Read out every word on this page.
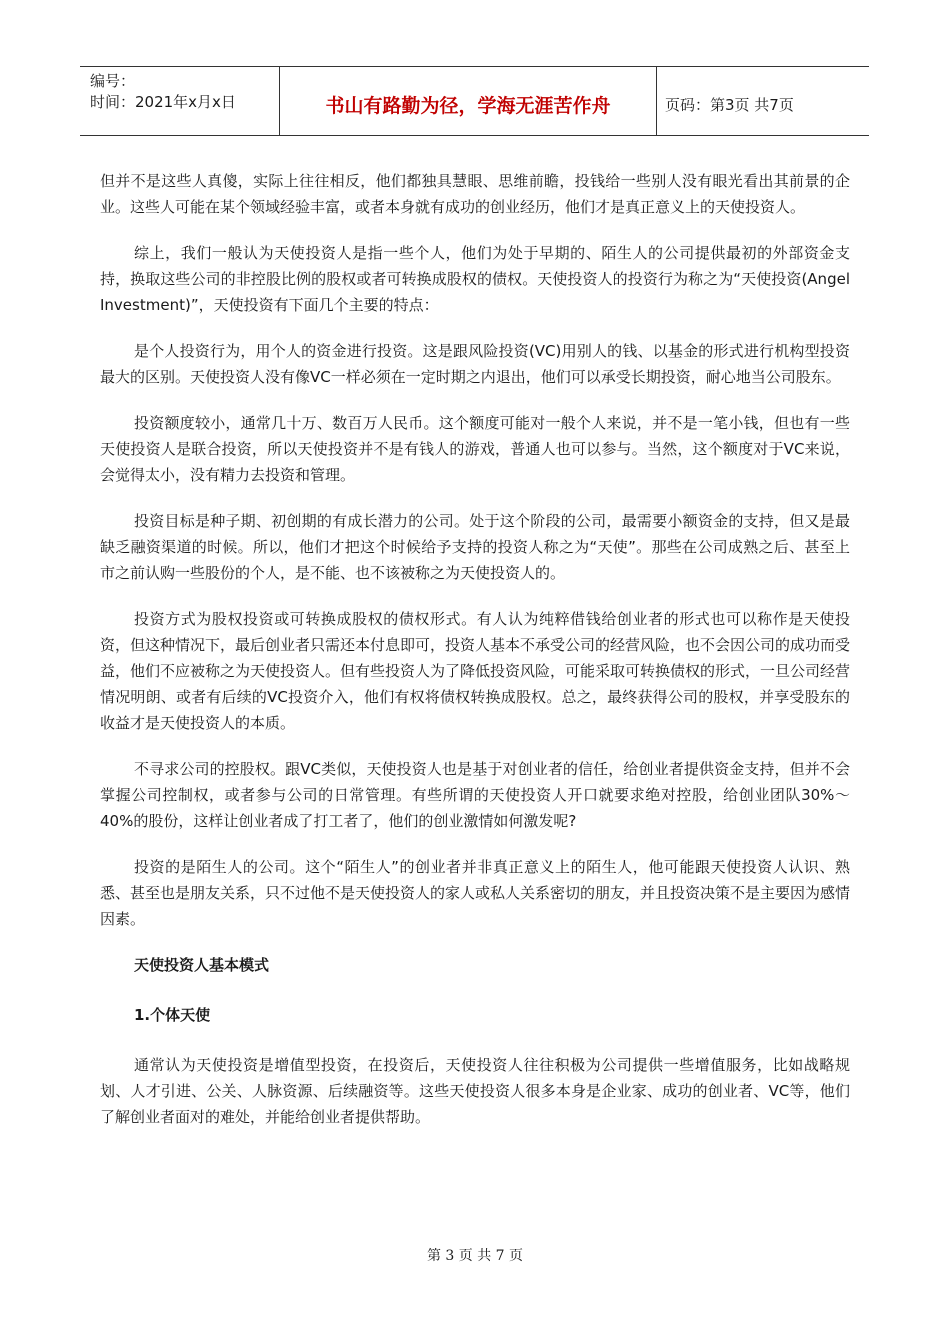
编号：
时间：2021年x月x日	书山有路勤为径，学海无涯苦作舟	页码：第3页 共7页

但并不是这些人真傻，实际上往往相反，他们都独具慧眼、思维前瞻，投钱给一些别人没有眼光看出其前景的企业。这些人可能在某个领域经验丰富，或者本身就有成功的创业经历，他们才是真正意义上的天使投资人。

综上，我们一般认为天使投资人是指一些个人，他们为处于早期的、陌生人的公司提供最初的外部资金支持，换取这些公司的非控股比例的股权或者可转换成股权的债权。天使投资人的投资行为称之为“天使投资(Angel Investment)”，天使投资有下面几个主要的特点：

是个人投资行为，用个人的资金进行投资。这是跟风险投资(VC)用别人的钱、以基金的形式进行机构型投资最大的区别。天使投资人没有像VC一样必须在一定时期之内退出，他们可以承受长期投资，耐心地当公司股东。

投资额度较小，通常几十万、数百万人民币。这个额度可能对一般个人来说，并不是一笔小钱，但也有一些天使投资人是联合投资，所以天使投资并不是有钱人的游戏，普通人也可以参与。当然，这个额度对于VC来说，会觉得太小，没有精力去投资和管理。

投资目标是种子期、初创期的有成长潜力的公司。处于这个阶段的公司，最需要小额资金的支持，但又是最缺乏融资渠道的时候。所以，他们才把这个时候给予支持的投资人称之为“天使”。那些在公司成熟之后、甚至上市之前认购一些股份的个人，是不能、也不该被称之为天使投资人的。

投资方式为股权投资或可转换成股权的债权形式。有人认为纯粹借钱给创业者的形式也可以称作是天使投资，但这种情况下，最后创业者只需还本付息即可，投资人基本不承受公司的经营风险，也不会因公司的成功而受益，他们不应被称之为天使投资人。但有些投资人为了降低投资风险，可能采取可转换债权的形式，一旦公司经营情况明朗、或者有后续的VC投资介入，他们有权将债权转换成股权。总之，最终获得公司的股权，并享受股东的收益才是天使投资人的本质。

不寻求公司的控股权。跟VC类似，天使投资人也是基于对创业者的信任，给创业者提供资金支持，但并不会掌握公司控制权，或者参与公司的日常管理。有些所谓的天使投资人开口就要求绝对控股，给创业团队30%～40%的股份，这样让创业者成了打工者了，他们的创业激情如何激发呢?

投资的是陌生人的公司。这个“陌生人”的创业者并非真正意义上的陌生人，他可能跟天使投资人认识、熟悉、甚至也是朋友关系，只不过他不是天使投资人的家人或私人关系密切的朋友，并且投资决策不是主要因为感情因素。

天使投资人基本模式

1.个体天使

通常认为天使投资是增值型投资，在投资后，天使投资人往往积极为公司提供一些增值服务，比如战略规划、人才引进、公关、人脉资源、后续融资等。这些天使投资人很多本身是企业家、成功的创业者、VC等，他们了解创业者面对的难处，并能给创业者提供帮助。

第 3 页 共 7 页
